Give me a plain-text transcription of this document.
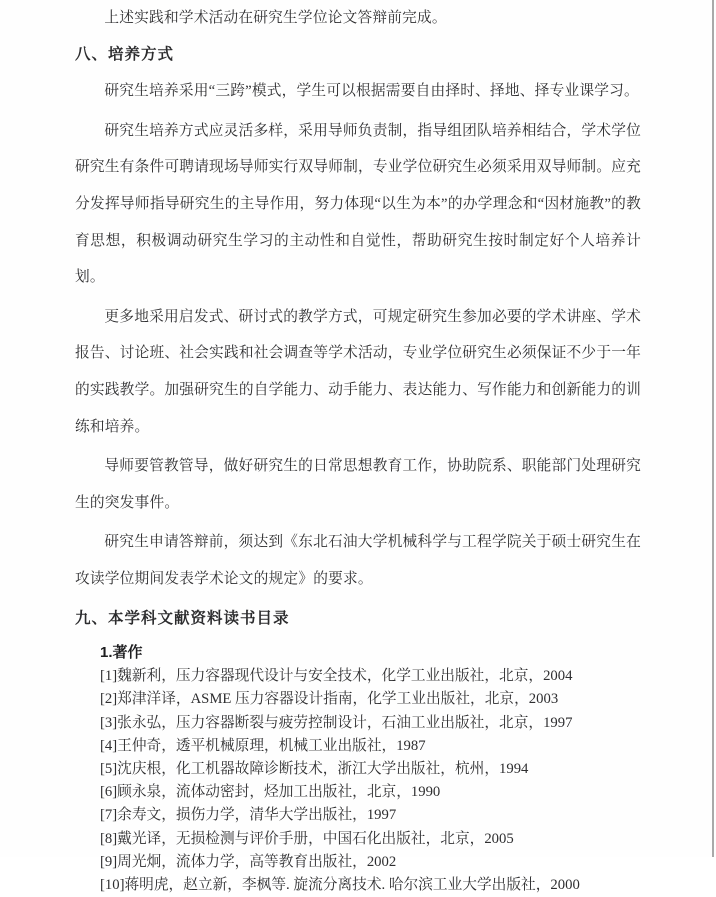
上述实践和学术活动在研究生学位论文答辩前完成。

八、培养方式

研究生培养采用“三跨”模式，学生可以根据需要自由择时、择地、择专业课学习。

研究生培养方式应灵活多样，采用导师负责制，指导组团队培养相结合，学术学位研究生有条件可聘请现场导师实行双导师制，专业学位研究生必须采用双导师制。应充分发挥导师指导研究生的主导作用，努力体现“以生为本”的办学理念和“因材施教”的教育思想，积极调动研究生学习的主动性和自觉性，帮助研究生按时制定好个人培养计划。

更多地采用启发式、研讨式的教学方式，可规定研究生参加必要的学术讲座、学术报告、讨论班、社会实践和社会调查等学术活动，专业学位研究生必须保证不少于一年的实践教学。加强研究生的自学能力、动手能力、表达能力、写作能力和创新能力的训练和培养。

导师要管教管导，做好研究生的日常思想教育工作，协助院系、职能部门处理研究生的突发事件。

研究生申请答辩前，须达到《东北石油大学机械科学与工程学院关于硕士研究生在攻读学位期间发表学术论文的规定》的要求。

九、本学科文献资料读书目录
1.著作
[1]魏新利，压力容器现代设计与安全技术，化学工业出版社，北京，2004
[2]郑津洋译，ASME 压力容器设计指南，化学工业出版社，北京，2003
[3]张永弘，压力容器断裂与疲劳控制设计，石油工业出版社，北京，1997
[4]王仲奇，透平机械原理，机械工业出版社，1987
[5]沈庆根，化工机器故障诊断技术，浙江大学出版社，杭州，1994
[6]顾永泉，流体动密封，烃加工出版社，北京，1990
[7]余寿文，损伤力学，清华大学出版社，1997
[8]戴光译，无损检测与评价手册，中国石化出版社，北京，2005
[9]周光炯，流体力学，高等教育出版社，2002
[10]蒋明虎，赵立新，李枫等. 旋流分离技术. 哈尔滨工业大学出版社，2000
